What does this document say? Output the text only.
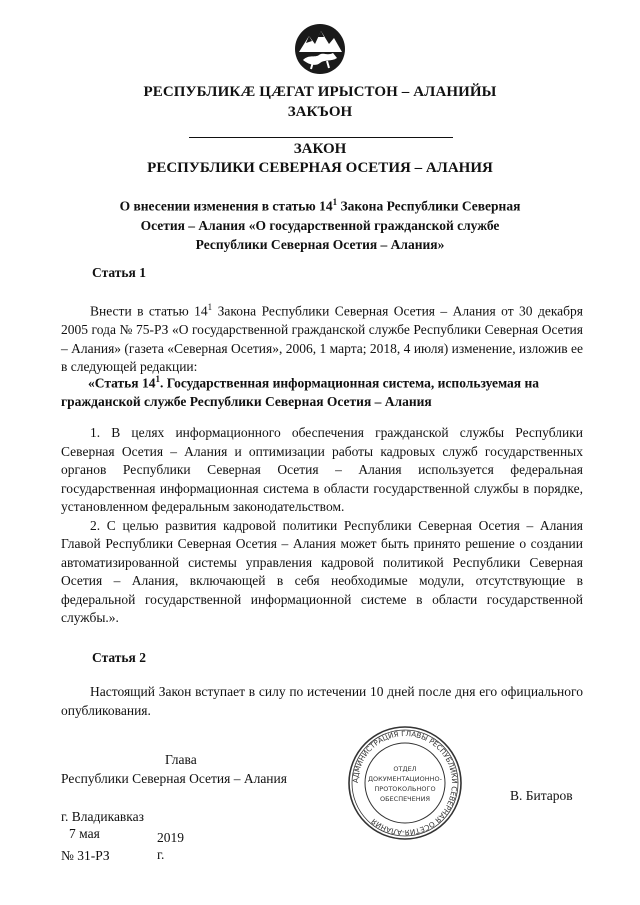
РЕСПУБЛИКӔ ЦӔГАТ ИРЫСТОН – АЛАНИЙЫ
ЗАКЪОН
ЗАКОН
РЕСПУБЛИКИ СЕВЕРНАЯ ОСЕТИЯ – АЛАНИЯ
О внесении изменения в статью $14^1$ Закона Республики Северная
Осетия – Алания «О государственной гражданской службе
Республики Северная Осетия – Алания»
Статья 1

Внести в статью $14^1$ Закона Республики Северная Осетия – Алания от 30 декабря 2005 года № 75-РЗ «О государственной гражданской службе Республики Северная Осетия – Алания» (газета «Северная Осетия», 2006, 1 марта; 2018, 4 июля) изменение, изложив ее в следующей редакции:

«Статья $14^1$. Государственная информационная система, используемая на гражданской службе Республики Северная Осетия – Алания

1. В целях информационного обеспечения гражданской службы Республики Северная Осетия – Алания и оптимизации работы кадровых служб государственных органов Республики Северная Осетия – Алания используется федеральная государственная информационная система в области государственной службы в порядке, установленном федеральным законодательством.

2. С целью развития кадровой политики Республики Северная Осетия – Алания Главой Республики Северная Осетия – Алания может быть принято решение о создании автоматизированной системы управления кадровой политикой Республики Северная Осетия – Алания, включающей в себя необходимые модули, отсутствующие в федеральной государственной информационной системе в области государственной службы.».

Статья 2

Настоящий Закон вступает в силу по истечении 10 дней после дня его официального опубликования.

Глава
Республики Северная Осетия – Алания	АДМИНИСТРАЦИЯ ГЛАВЫ РЕСПУБЛИКИ СЕВЕРНАЯ ОСЕТИЯ-АЛАНИЯ
ОТДЕЛ
ДОКУМЕНТАЦИОННО-
ПРОТОКОЛЬНОГО
ОБЕСПЕЧЕНИЯ	В. Битаров
г. Владикавказ
7 мая	2019 г.
№ 31-РЗ
